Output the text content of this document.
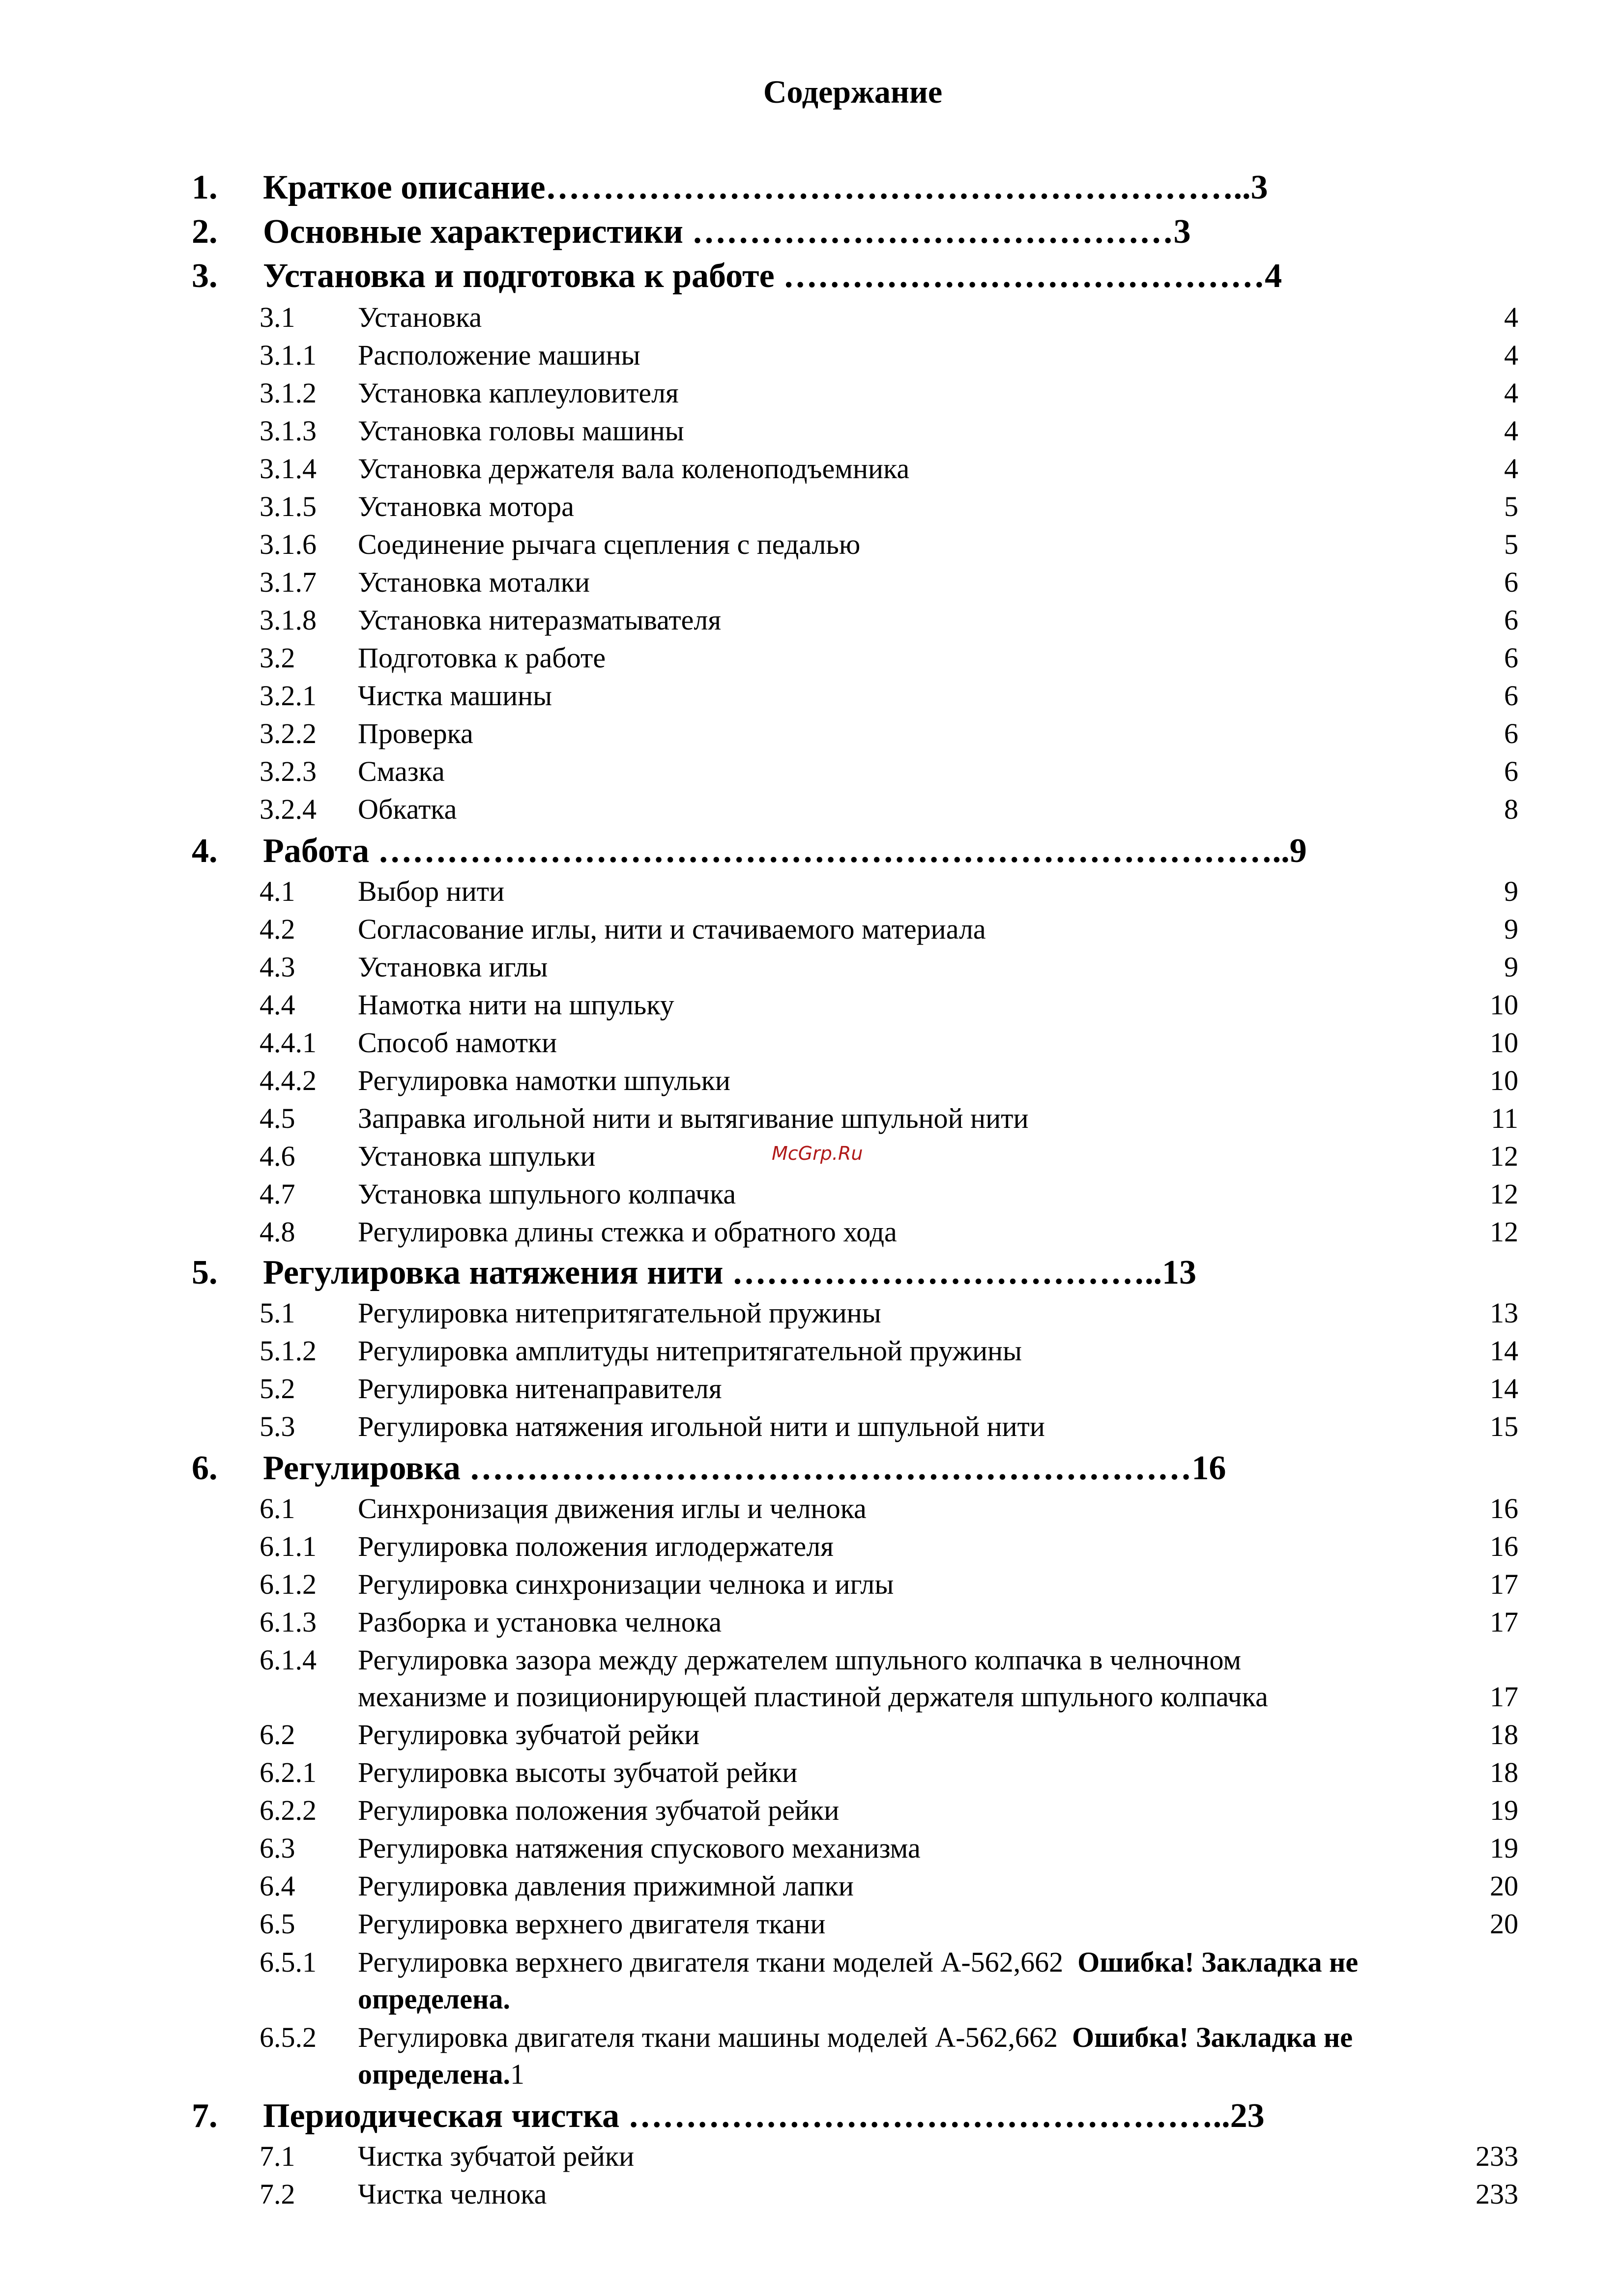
Содержание
1. Краткое описание……………………………………………………..3
2. Основные характеристики ……………………………………3
3. Установка и подготовка к работе ……………………………………4
3.1 Установка	4
3.1.1 Расположение машины	4
3.1.2 Установка каплеуловителя	4
3.1.3 Установка головы машины	4
3.1.4 Установка держателя вала коленоподъемника	4
3.1.5 Установка мотора	5
3.1.6 Соединение рычага сцепления с педалью	5
3.1.7 Установка моталки	6
3.1.8 Установка нитеразматывателя	6
3.2 Подготовка к работе	6
3.2.1 Чистка машины	6
3.2.2 Проверка	6
3.2.3 Смазка	6
3.2.4 Обкатка	8
4. Работа ……………………………………………………………………..9
4.1 Выбор нити	9
4.2 Согласование иглы, нити и стачиваемого материала	9
4.3 Установка иглы	9
4.4 Намотка нити на шпульку	10
4.4.1 Способ намотки	10
4.4.2 Регулировка намотки шпульки	10
4.5 Заправка игольной нити и вытягивание шпульной нити	11
4.6 Установка шпульки	12
4.7 Установка шпульного колпачка	12
4.8 Регулировка длины стежка и обратного хода	12
5. Регулировка натяжения нити ………………………………..13
5.1 Регулировка нитепритягательной пружины	13
5.1.2 Регулировка амплитуды нитепритягательной пружины	14
5.2 Регулировка нитенаправителя	14
5.3 Регулировка натяжения игольной нити и шпульной нити	15
6. Регулировка ………………………………………………………16
6.1 Синхронизация движения иглы и челнока	16
6.1.1 Регулировка положения иглодержателя	16
6.1.2 Регулировка синхронизации челнока и иглы	17
6.1.3 Разборка и установка челнока	17
6.1.4 Регулировка зазора между держателем шпульного колпачка в челночном
механизме и позиционирующей пластиной держателя шпульного колпачка	17
6.2 Регулировка зубчатой рейки	18
6.2.1 Регулировка высоты зубчатой рейки	18
6.2.2 Регулировка положения зубчатой рейки	19
6.3 Регулировка натяжения спускового механизма	19
6.4 Регулировка давления прижимной лапки	20
6.5 Регулировка верхнего двигателя ткани	20
6.5.1 Регулировка верхнего двигателя ткани моделей А-562,662 Ошибка! Закладка не
определена.
6.5.2 Регулировка двигателя ткани машины моделей А-562,662 Ошибка! Закладка не
определена.1
7. Периодическая чистка ……………………………………………..23
7.1 Чистка зубчатой рейки	233
7.2 Чистка челнока	233
McGrp.Ru
